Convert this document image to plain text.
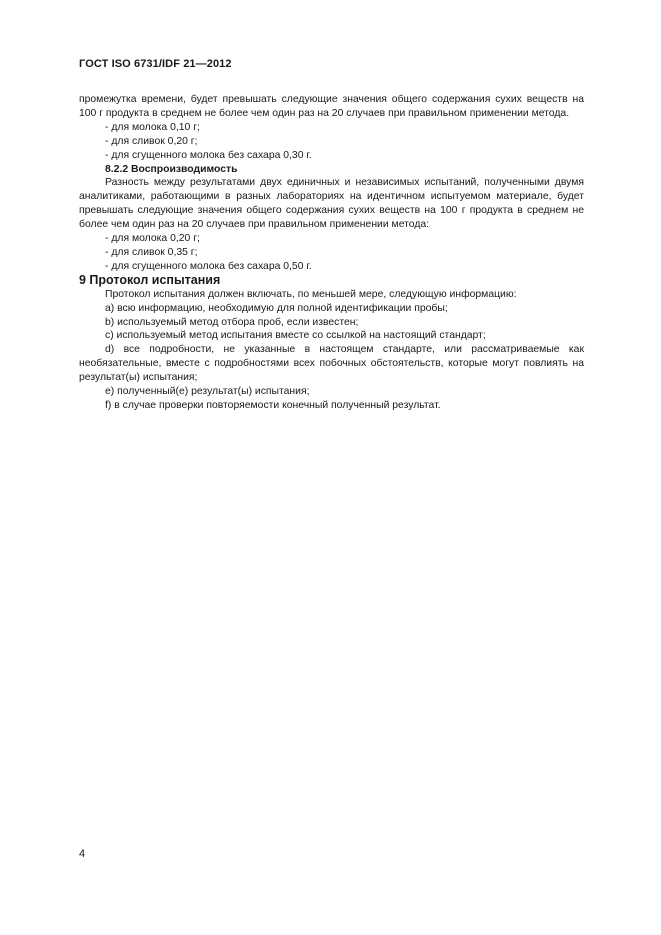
ГОСТ ISO 6731/IDF 21—2012

промежутка времени, будет превышать следующие значения общего содержания сухих веществ на 100 г продукта в среднем не более чем один раз на 20 случаев при правильном применении метода.

- для молока 0,10 г;

- для сливок 0,20 г;

- для сгущенного молока без сахара 0,30 г.

8.2.2 Воспроизводимость

Разность между результатами двух единичных и независимых испытаний, полученными двумя аналитиками, работающими в разных лабораториях на идентичном испытуемом материале, будет превышать следующие значения общего содержания сухих веществ на 100 г продукта в среднем не более чем один раз на 20 случаев при правильном применении метода:

- для молока 0,20 г;

- для сливок 0,35 г;

- для сгущенного молока без сахара 0,50 г.

9 Протокол испытания

Протокол испытания должен включать, по меньшей мере, следующую информацию:

а) всю информацию, необходимую для полной идентификации пробы;

b) используемый метод отбора проб, если известен;

с) используемый метод испытания вместе со ссылкой на настоящий стандарт;

d) все подробности, не указанные в настоящем стандарте, или рассматриваемые как необязательные, вместе с подробностями всех побочных обстоятельств, которые могут повлиять на результат(ы) испытания;

е) полученный(е) результат(ы) испытания;

f) в случае проверки повторяемости конечный полученный результат.

4
